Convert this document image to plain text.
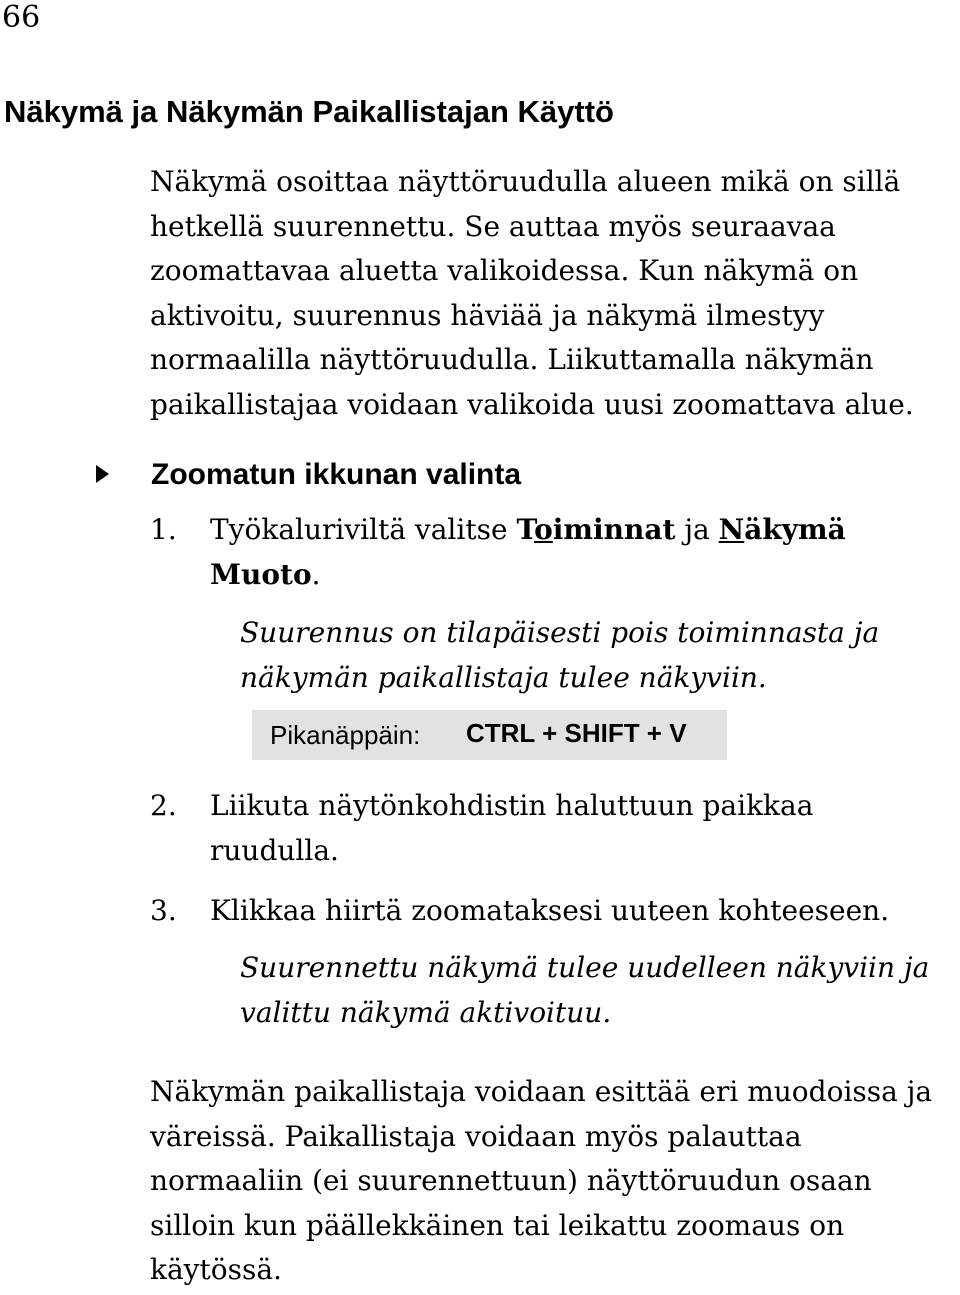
66
Näkymä ja Näkymän Paikallistajan Käyttö
Näkymä osoittaa näyttöruudulla alueen mikä on sillä
hetkellä suurennettu. Se auttaa myös seuraavaa
zoomattavaa aluetta valikoidessa. Kun näkymä on
aktivoitu, suurennus häviää ja näkymä ilmestyy
normaalilla näyttöruudulla. Liikuttamalla näkymän
paikallistajaa voidaan valikoida uusi zoomattava alue.
Zoomatun ikkunan valinta
1. Työkaluriviltä valitse Toiminnat ja Näkymä
Muoto.
Suurennus on tilapäisesti pois toiminnasta ja
näkymän paikallistaja tulee näkyviin.
Pikanäppäin: CTRL + SHIFT + V
2. Liikuta näytönkohdistin haluttuun paikkaa
ruudulla.
3. Klikkaa hiirtä zoomataksesi uuteen kohteeseen.
Suurennettu näkymä tulee uudelleen näkyviin ja
valittu näkymä aktivoituu.
Näkymän paikallistaja voidaan esittää eri muodoissa ja
väreissä. Paikallistaja voidaan myös palauttaa
normaaliin (ei suurennettuun) näyttöruudun osaan
silloin kun päällekkäinen tai leikattu zoomaus on
käytössä.
